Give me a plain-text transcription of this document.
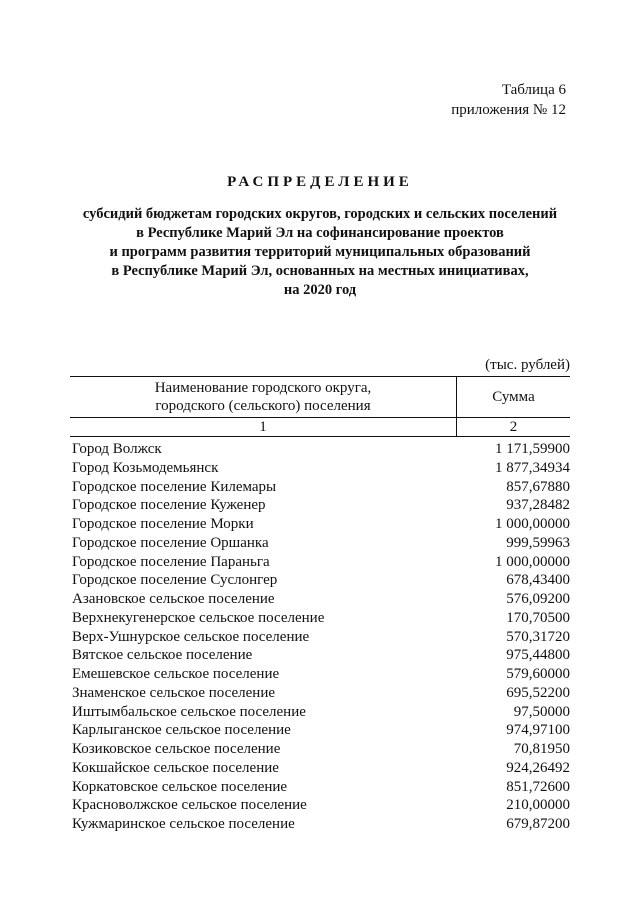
Таблица 6
приложения № 12
РАСПРЕДЕЛЕНИЕ
субсидий бюджетам городских округов, городских и сельских поселений
в Республике Марий Эл на софинансирование проектов
и программ развития территорий муниципальных образований
в Республике Марий Эл, основанных на местных инициативах,
на 2020 год
(тыс. рублей)
Наименование городского округа,
городского (сельского) поселения	Сумма
1	2
Город Волжск	1 171,59900
Город Козьмодемьянск	1 877,34934
Городское поселение Килемары	857,67880
Городское поселение Куженер	937,28482
Городское поселение Морки	1 000,00000
Городское поселение Оршанка	999,59963
Городское поселение Параньга	1 000,00000
Городское поселение Суслонгер	678,43400
Азановское сельское поселение	576,09200
Верхнекугенерское сельское поселение	170,70500
Верх-Ушнурское сельское поселение	570,31720
Вятское сельское поселение	975,44800
Емешевское сельское поселение	579,60000
Знаменское сельское поселение	695,52200
Иштымбальское сельское поселение	97,50000
Карлыганское сельское поселение	974,97100
Козиковское сельское поселение	70,81950
Кокшайское сельское поселение	924,26492
Коркатовское сельское поселение	851,72600
Красноволжское сельское поселение	210,00000
Кужмаринское сельское поселение	679,87200
